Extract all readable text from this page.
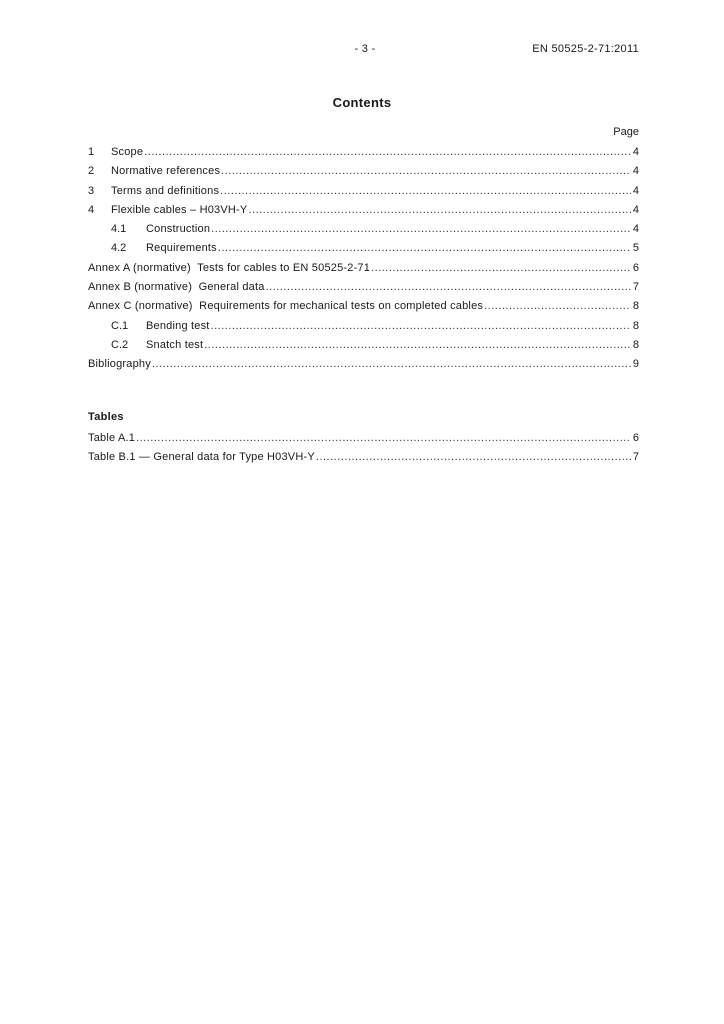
- 3 -	EN 50525-2-71:2011
Contents
Page
1	Scope .....	4
2	Normative references .....	4
3	Terms and definitions .....	4
4	Flexible cables – H03VH-Y .....	4
4.1	Construction .....	4
4.2	Requirements .....	5
Annex A (normative)  Tests for cables to EN 50525-2-71 .....	6
Annex B (normative)  General data .....	7
Annex C (normative)  Requirements for mechanical tests on completed cables .....	8
C.1	Bending test .....	8
C.2	Snatch test .....	8
Bibliography .....	9
Tables
Table A.1 .....	6
Table B.1 — General data for Type H03VH-Y .....	7
